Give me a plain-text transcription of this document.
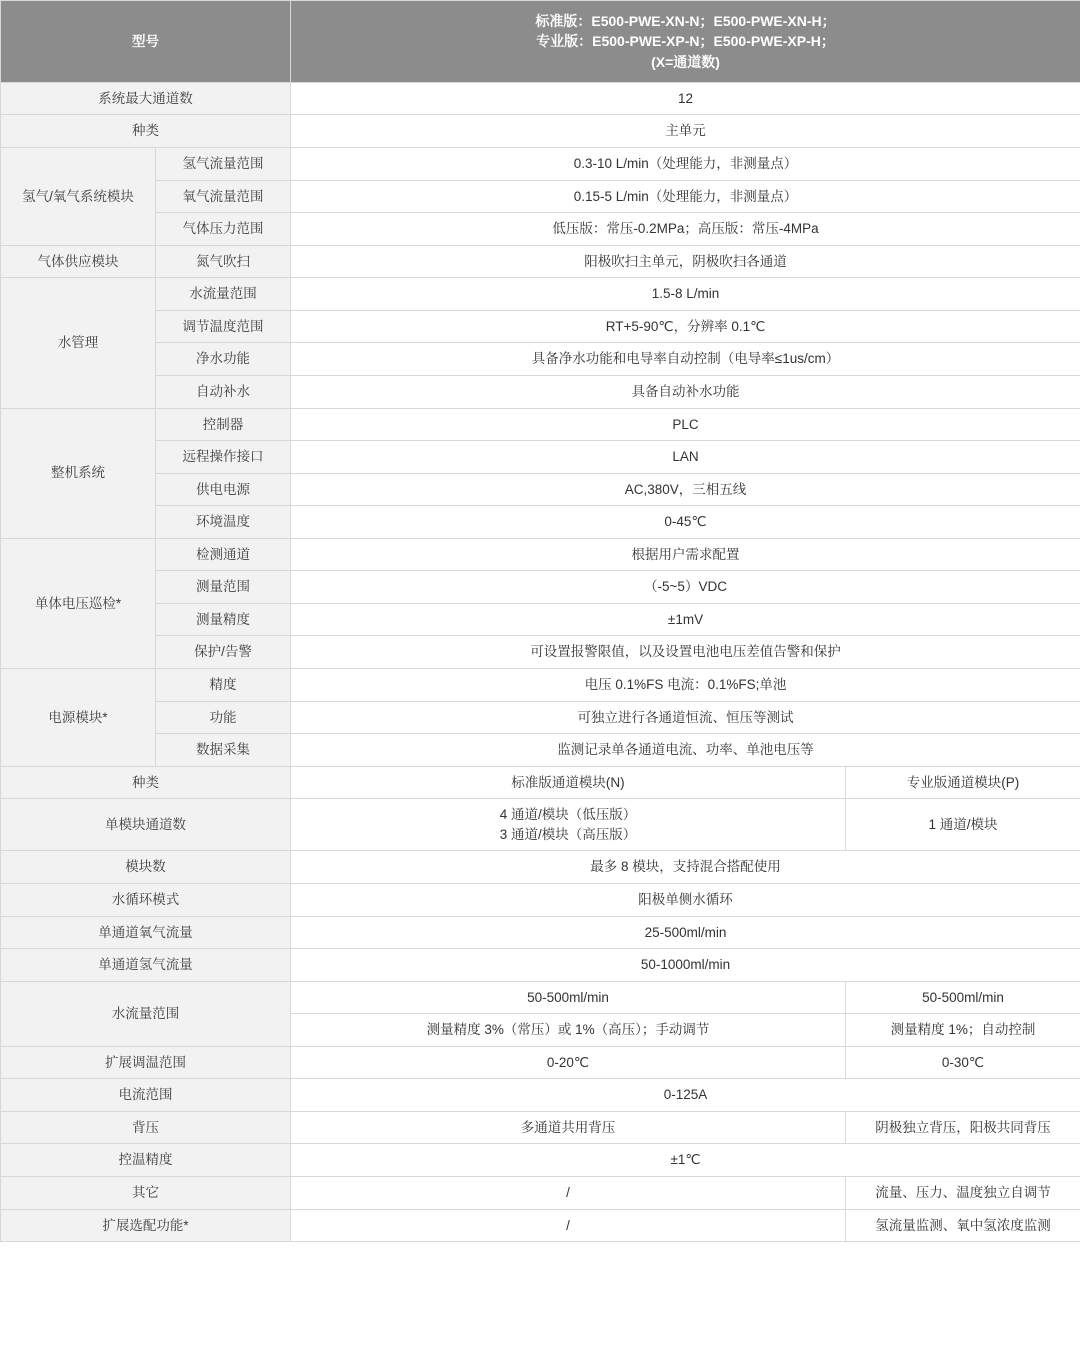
型号		标准版：E500-PWE-XN-N；E500-PWE-XN-H；
专业版：E500-PWE-XP-N；E500-PWE-XP-H；
(X=通道数)	

系统最大通道数		12	
种类		主单元	
氢气/氧气系统模块	氢气流量范围	0.3-10 L/min（处理能力，非测量点）	
	氧气流量范围	0.15-5 L/min（处理能力，非测量点）	
	气体压力范围	低压版：常压-0.2MPa；高压版：常压-4MPa	
气体供应模块	氮气吹扫	阳极吹扫主单元，阴极吹扫各通道	
水管理	水流量范围	1.5-8 L/min	
	调节温度范围	RT+5-90℃，分辨率 0.1℃	
	净水功能	具备净水功能和电导率自动控制（电导率≤1us/cm）	
	自动补水	具备自动补水功能	
整机系统	控制器	PLC	
	远程操作接口	LAN	
	供电电源	AC,380V，三相五线	
	环境温度	0-45℃	
单体电压巡检*	检测通道	根据用户需求配置	
	测量范围	（-5~5）VDC	
	测量精度	±1mV	
	保护/告警	可设置报警限值，以及设置电池电压差值告警和保护	
电源模块*	精度	电压 0.1%FS 电流：0.1%FS;单池	
	功能	可独立进行各通道恒流、恒压等测试	
	数据采集	监测记录单各通道电流、功率、单池电压等	
种类		标准版通道模块(N)	专业版通道模块(P)
单模块通道数		4 通道/模块（低压版）
3 通道/模块（高压版）	1 通道/模块
模块数		最多 8 模块，支持混合搭配使用	
水循环模式		阳极单侧水循环	
单通道氧气流量		25-500ml/min	
单通道氢气流量		50-1000ml/min	
水流量范围		50-500ml/min	50-500ml/min
		测量精度 3%（常压）或 1%（高压）；手动调节	测量精度 1%；自动控制
扩展调温范围		0-20℃	0-30℃
电流范围		0-125A	
背压		多通道共用背压	阴极独立背压，阳极共同背压
控温精度		±1℃	
其它		/	流量、压力、温度独立自调节
扩展选配功能*		/	氢流量监测、氧中氢浓度监测
